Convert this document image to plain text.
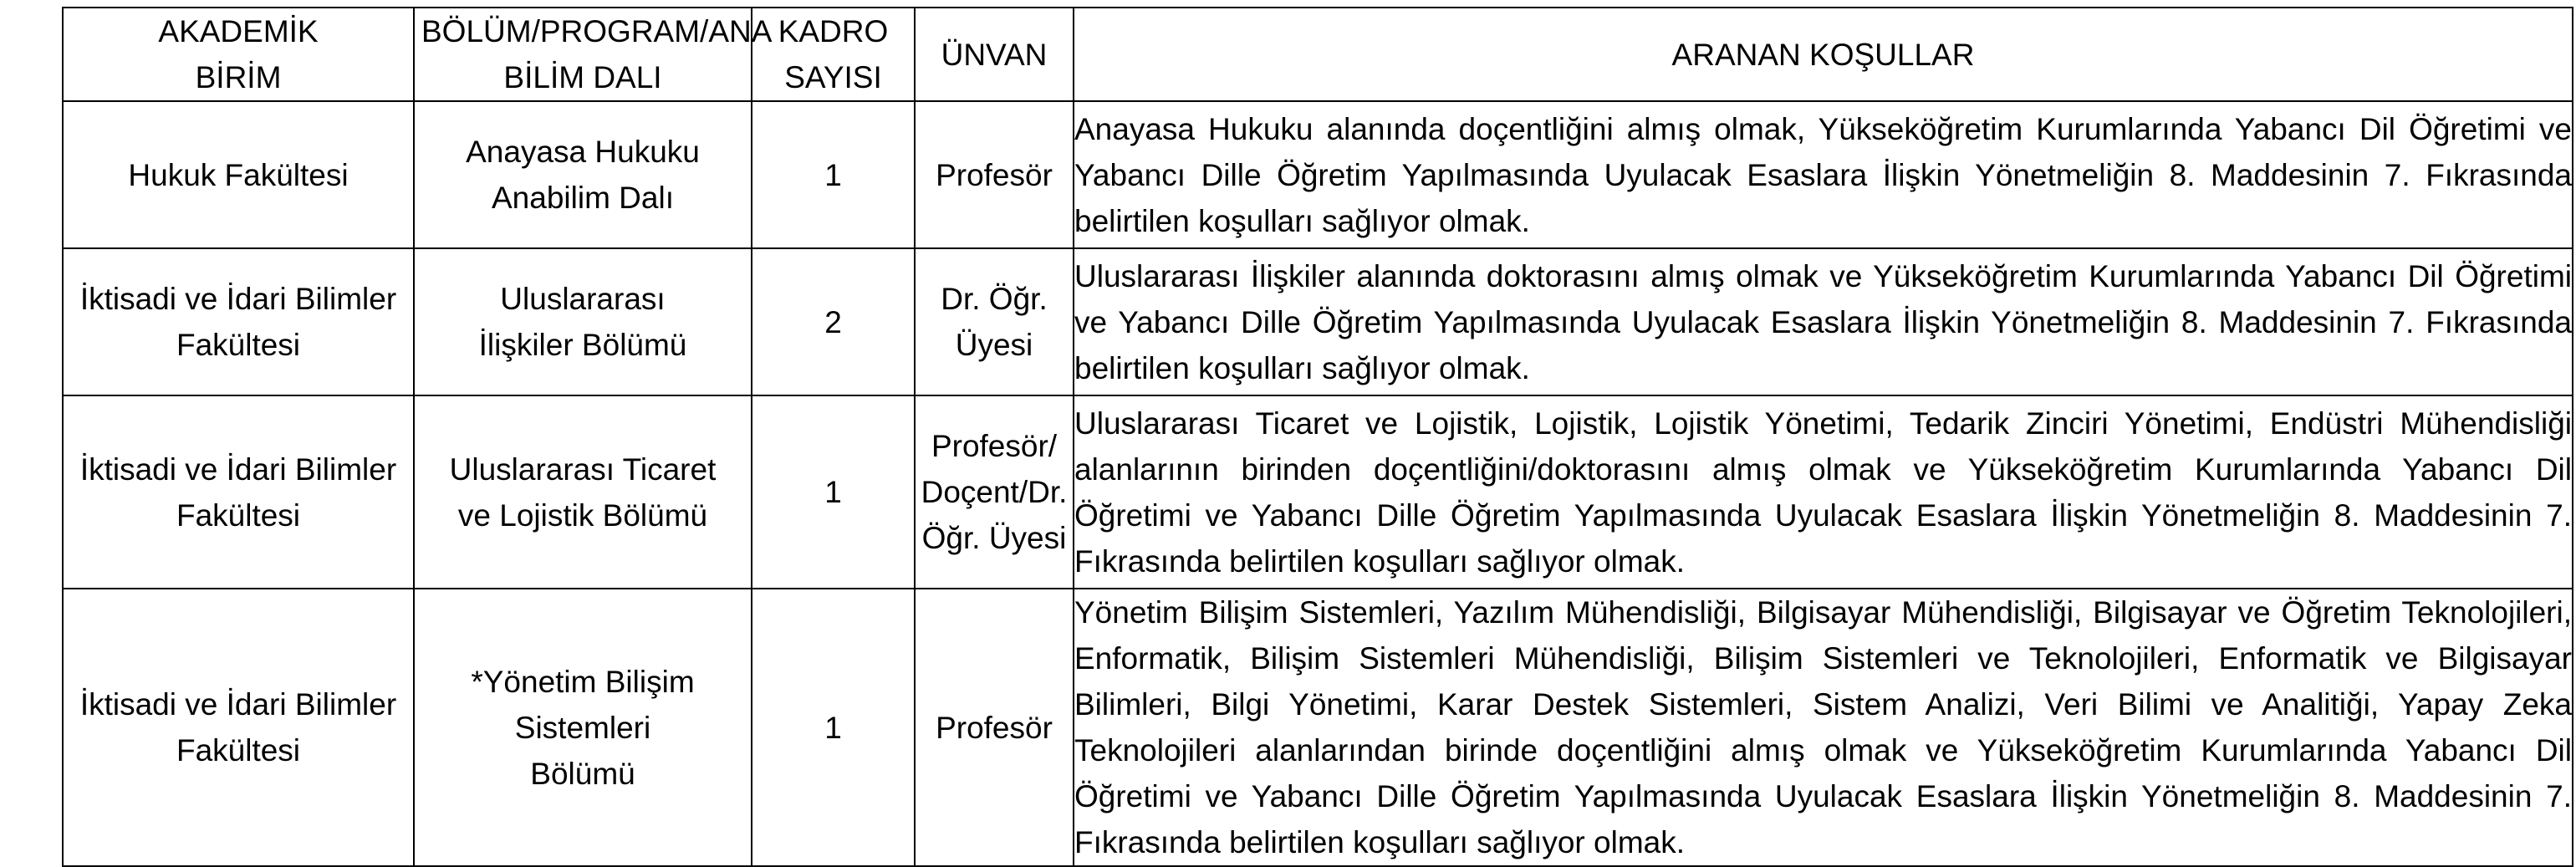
AKADEMİK BİRİM	BÖLÜM/PROGRAM/ANA BİLİM DALI	KADRO SAYISI	ÜNVAN	ARANAN KOŞULLAR
Hukuk Fakültesi	Anayasa Hukuku Anabilim Dalı	1	Profesör	Anayasa Hukuku alanında doçentliğini almış olmak, Yükseköğretim Kurumlarında Yabancı Dil Öğretimi ve Yabancı Dille Öğretim Yapılmasında Uyulacak Esaslara İlişkin Yönetmeliğin 8. Maddesinin 7. Fıkrasında belirtilen koşulları sağlıyor olmak.
İktisadi ve İdari Bilimler Fakültesi	Uluslararası İlişkiler Bölümü	2	Dr. Öğr. Üyesi	Uluslararası İlişkiler alanında doktorasını almış olmak ve Yükseköğretim Kurumlarında Yabancı Dil Öğretimi ve Yabancı Dille Öğretim Yapılmasında Uyulacak Esaslara İlişkin Yönetmeliğin 8. Maddesinin 7. Fıkrasında belirtilen koşulları sağlıyor olmak.
İktisadi ve İdari Bilimler Fakültesi	Uluslararası Ticaret ve Lojistik Bölümü	1	Profesör/ Doçent/Dr. Öğr. Üyesi	Uluslararası Ticaret ve Lojistik, Lojistik, Lojistik Yönetimi, Tedarik Zinciri Yönetimi, Endüstri Mühendisliği alanlarının birinden doçentliğini/doktorasını almış olmak ve Yükseköğretim Kurumlarında Yabancı Dil Öğretimi ve Yabancı Dille Öğretim Yapılmasında Uyulacak Esaslara İlişkin Yönetmeliğin 8. Maddesinin 7. Fıkrasında belirtilen koşulları sağlıyor olmak.
İktisadi ve İdari Bilimler Fakültesi	*Yönetim Bilişim Sistemleri Bölümü	1	Profesör	Yönetim Bilişim Sistemleri, Yazılım Mühendisliği, Bilgisayar Mühendisliği, Bilgisayar ve Öğretim Teknolojileri, Enformatik, Bilişim Sistemleri Mühendisliği, Bilişim Sistemleri ve Teknolojileri, Enformatik ve Bilgisayar Bilimleri, Bilgi Yönetimi, Karar Destek Sistemleri, Sistem Analizi, Veri Bilimi ve Analitiği, Yapay Zeka Teknolojileri alanlarından birinde doçentliğini almış olmak ve Yükseköğretim Kurumlarında Yabancı Dil Öğretimi ve Yabancı Dille Öğretim Yapılmasında Uyulacak Esaslara İlişkin Yönetmeliğin 8. Maddesinin 7. Fıkrasında belirtilen koşulları sağlıyor olmak.
